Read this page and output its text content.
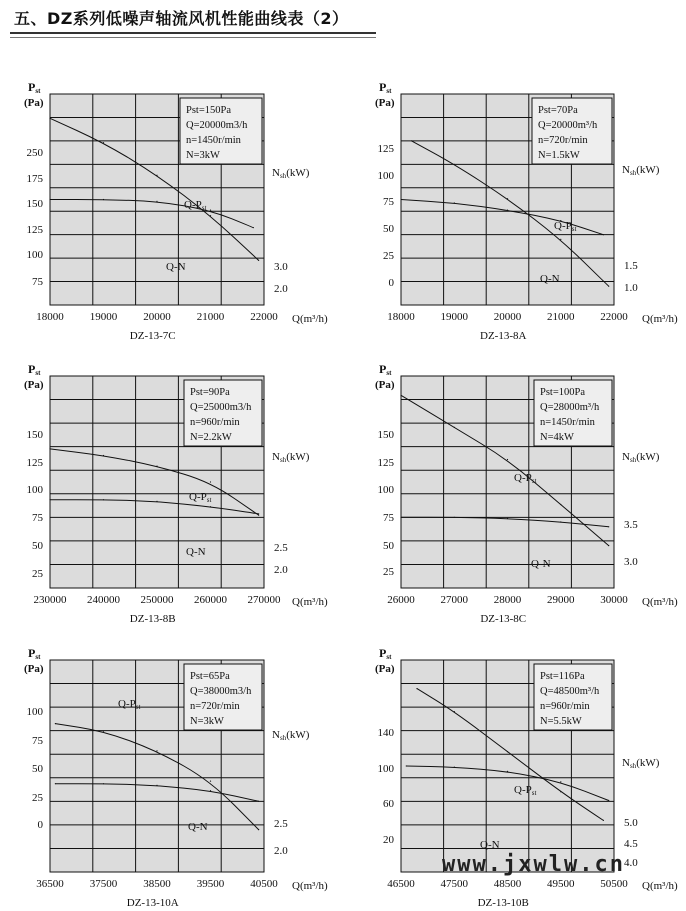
五、DZ系列低噪声轴流风机性能曲线表（2）
Pst=150Pa
Q=20000m3/h
n=1450r/min
N=3kW
Pst
(Pa)
250
175
150
125
100
75
Nsh(kW)
3.0
2.0
18000 19000 20000 21000 22000 Q(m³/h)
DZ-13-7C
Q-Pst
Q-N
Pst=70Pa
Q=20000m³/h
n=720r/min
N=1.5kW
Pst
(Pa)
125
100
75
50
25
0
Nsh(kW)
1.5
1.0
18000 19000 20000 21000 22000 Q(m³/h)
DZ-13-8A
Q-Pst
Q-N
Pst=90Pa
Q=25000m3/h
n=960r/min
N=2.2kW
Pst
(Pa)
150
125
100
75
50
25
Nsh(kW)
2.5
2.0
230000 240000 250000 260000 270000 Q(m³/h)
DZ-13-8B
Q-Pst
Q-N
Pst=100Pa
Q=28000m³/h
n=1450r/min
N=4kW
Pst
(Pa)
150
125
100
75
50
25
Nsh(kW)
3.5
3.0
26000 27000 28000 29000 30000 Q(m³/h)
DZ-13-8C
Q-Pst
Q-N
Pst=65Pa
Q=38000m3/h
n=720r/min
N=3kW
Pst
(Pa)
100
75
50
25
0
Nsh(kW)
2.5
2.0
36500 37500 38500 39500 40500 Q(m³/h)
DZ-13-10A
Q-Pst
Q-N
Pst=116Pa
Q=48500m³/h
n=960r/min
N=5.5kW
Pst
(Pa)
140
100
60
20
Nsh(kW)
5.0
4.5
4.0
46500 47500 48500 49500 50500 Q(m³/h)
DZ-13-10B
Q-Pst
Q-N
www.jxwlw.cn
